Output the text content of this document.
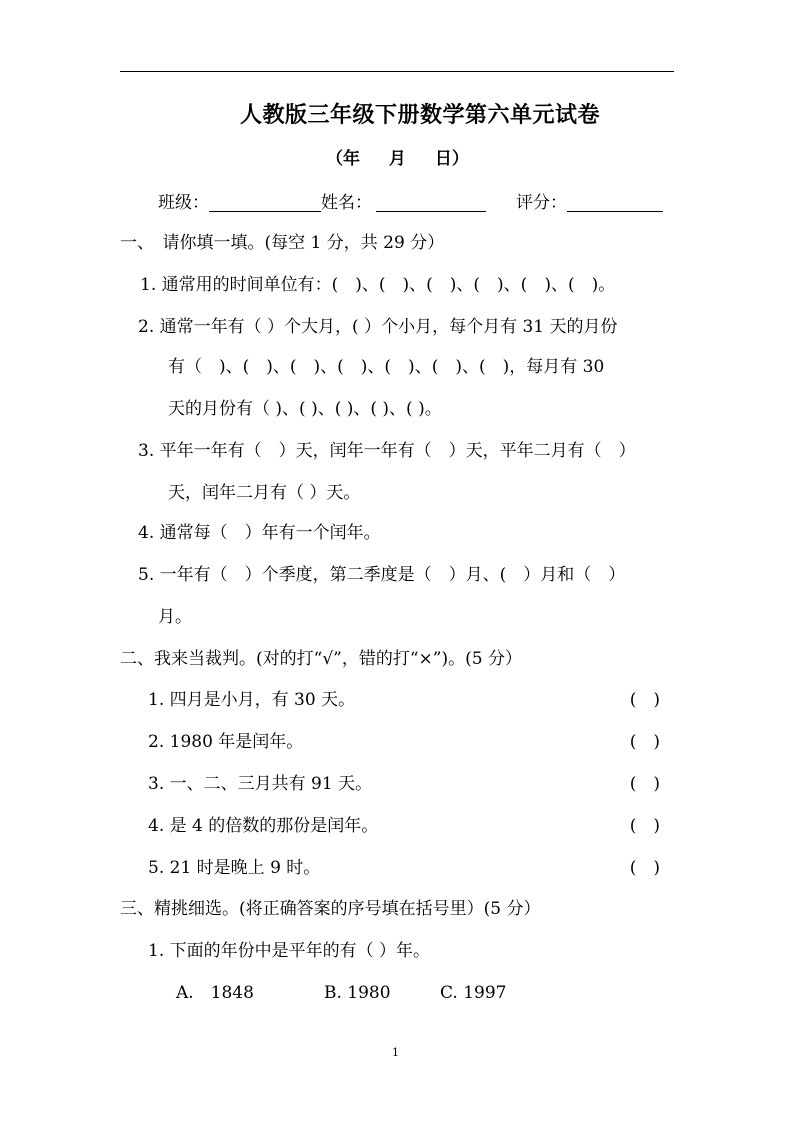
人教版三年级下册数学第六单元试卷
（年　 月　 日）
班级：	姓名：	评分：
一、　请你填一填。(每空 1 分，共 29 分）
1. 通常用的时间单位有：(　)、(　)、(　)、(　)、(　)、(　)。
2. 通常一年有（ ）个大月，( ）个小月，每个月有 31 天的月份
有（　)、(　)、(　)、(　)、(　)、(　)、(　)，每月有 30
天的月份有（ )、( )、( )、( )、( )。
3. 平年一年有（　）天，闰年一年有（　）天，平年二月有（　）
天，闰年二月有（ ）天。
4. 通常每（　）年有一个闰年。
5. 一年有（　）个季度，第二季度是（　）月、(　）月和（　）
月。
二、我来当裁判。(对的打“√”，错的打“×”)。(5 分）
1. 四月是小月，有 30 天。	(　)
2. 1980 年是闰年。	(　)
3. 一、二、三月共有 91 天。	(　)
4. 是 4 的倍数的那份是闰年。	(　)
5. 21 时是晚上 9 时。	(　)
三、精挑细选。(将正确答案的序号填在括号里）(5 分）
1. 下面的年份中是平年的有（ ）年。
A.　1848	B. 1980	C. 1997
1
